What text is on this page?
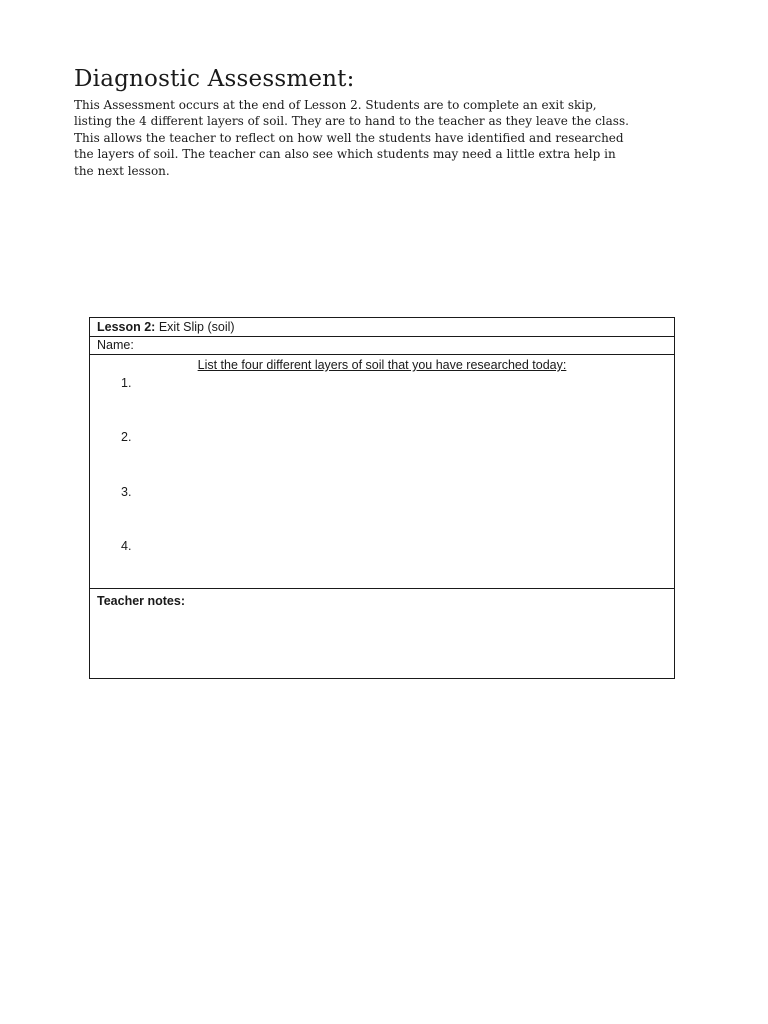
Diagnostic Assessment:

This Assessment occurs at the end of Lesson 2. Students are to complete an exit skip,
listing the 4 different layers of soil. They are to hand to the teacher as they leave the class.
This allows the teacher to reflect on how well the students have identified and researched
the layers of soil. The teacher can also see which students may need a little extra help in
the next lesson.

Lesson 2: Exit Slip (soil)
Name:
List the four different layers of soil that you have researched today:
1.
2.
3.
4.
Teacher notes:
